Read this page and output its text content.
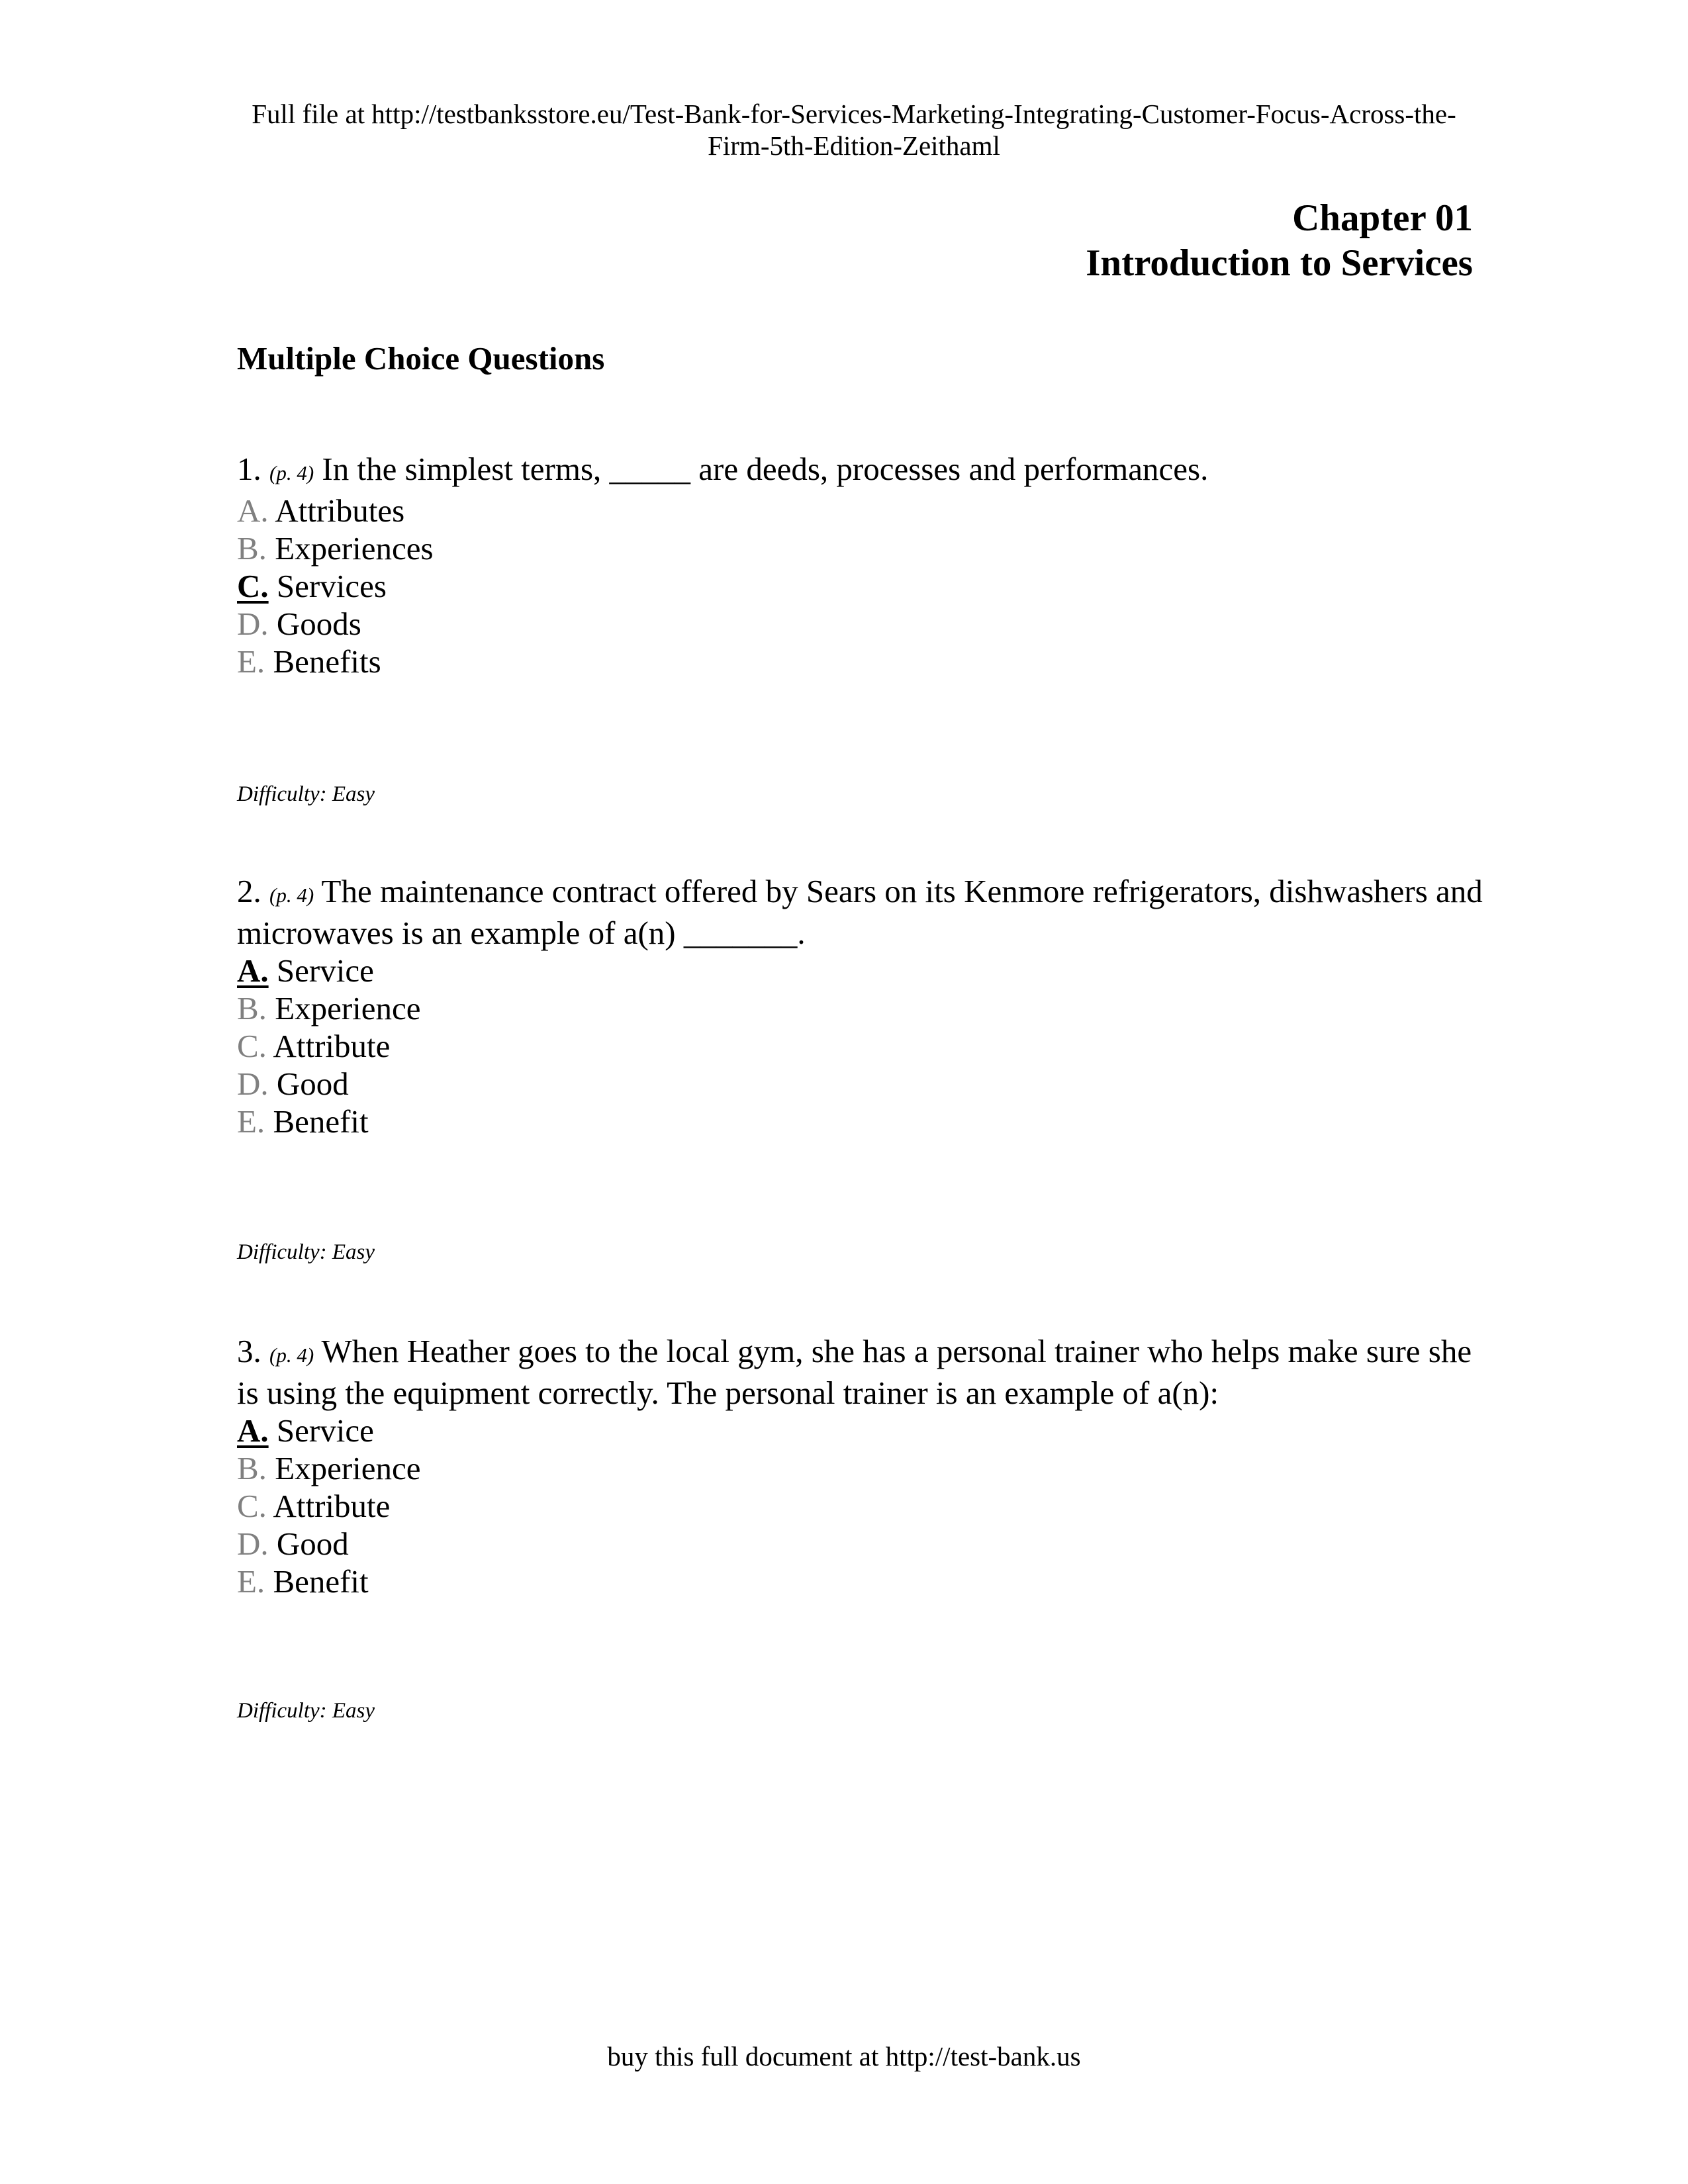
Full file at http://testbanksstore.eu/Test-Bank-for-Services-Marketing-Integrating-Customer-Focus-Across-the-
Firm-5th-Edition-Zeithaml
Chapter 01
Introduction to Services
Multiple Choice Questions
1. (p. 4) In the simplest terms, _____ are deeds, processes and performances.
A. Attributes
B. Experiences
C. Services
D. Goods
E. Benefits
Difficulty: Easy
2. (p. 4) The maintenance contract offered by Sears on its Kenmore refrigerators, dishwashers and microwaves is an example of a(n) _______.
A. Service
B. Experience
C. Attribute
D. Good
E. Benefit
Difficulty: Easy
3. (p. 4) When Heather goes to the local gym, she has a personal trainer who helps make sure she is using the equipment correctly. The personal trainer is an example of a(n):
A. Service
B. Experience
C. Attribute
D. Good
E. Benefit
Difficulty: Easy
buy this full document at http://test-bank.us
